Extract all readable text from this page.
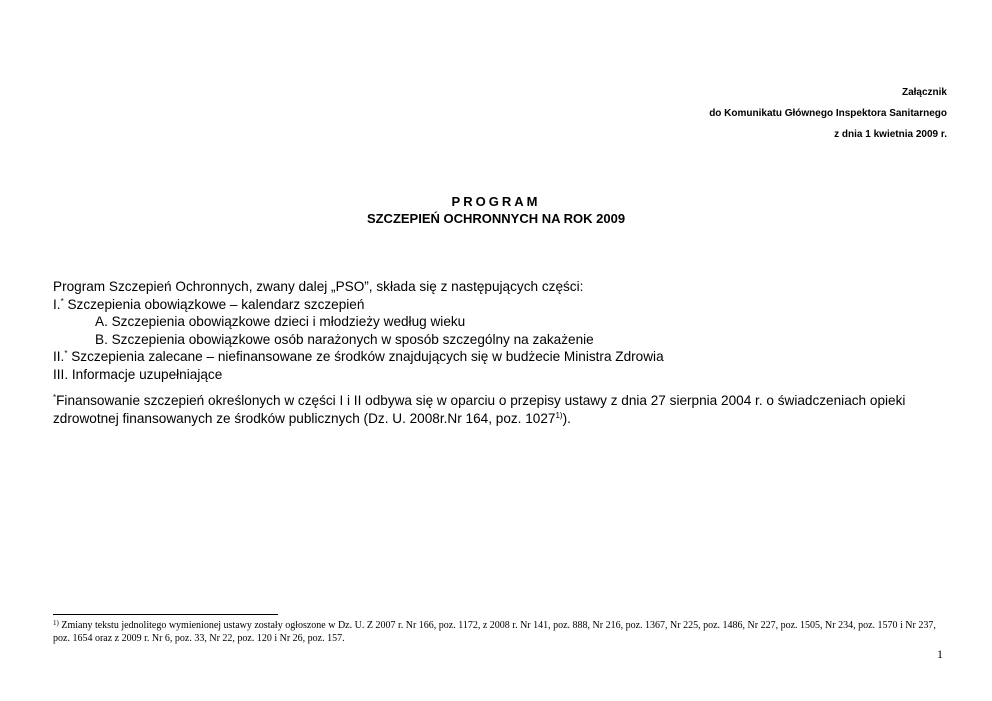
Załącznik
do Komunikatu Głównego Inspektora Sanitarnego
z dnia 1 kwietnia 2009 r.
PROGRAM
SZCZEPIEŃ OCHRONNYCH NA ROK 2009

Program Szczepień Ochronnych, zwany dalej „PSO”, składa się z następujących części:

I.* Szczepienia obowiązkowe – kalendarz szczepień

A. Szczepienia obowiązkowe dzieci i młodzieży według wieku

B. Szczepienia obowiązkowe osób narażonych w sposób szczególny na zakażenie

II.* Szczepienia zalecane – niefinansowane ze środków znajdujących się w budżecie Ministra Zdrowia

III. Informacje uzupełniające

*Finansowanie szczepień określonych w części I i II odbywa się w oparciu o przepisy ustawy z dnia 27 sierpnia 2004 r. o świadczeniach opieki zdrowotnej finansowanych ze środków publicznych (Dz. U. 2008r.Nr 164, poz. 1027$^{1)}$).

$^{1)}$ Zmiany tekstu jednolitego wymienionej ustawy zostały ogłoszone w Dz. U. Z 2007 r. Nr 166, poz. 1172, z 2008 r. Nr 141, poz. 888, Nr 216, poz. 1367, Nr 225, poz. 1486, Nr 227, poz. 1505, Nr 234, poz. 1570 i Nr 237, poz. 1654 oraz z 2009 r. Nr 6, poz. 33, Nr 22, poz. 120 i Nr 26, poz. 157.
1
